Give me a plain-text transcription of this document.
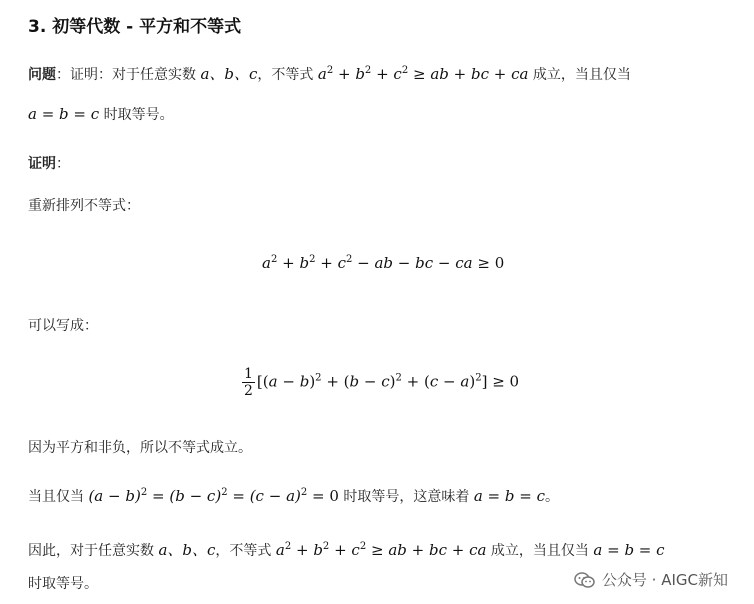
3. 初等代数 - 平方和不等式
问题：证明：对于任意实数 a、b、c，不等式 $a^2 + b^2 + c^2$ ≥ ab + bc + ca 成立，当且仅当
a = b = c 时取等号。
证明：
重新排列不等式：
$a^2 + b^2 + c^2$ − ab − bc − ca ≥ 0
可以写成：
$\frac{1}{2} [(a - b)^2 + (b - c)^2 + (c - a)^2] \ge 0$
因为平方和非负，所以不等式成立。
当且仅当 $(a - b)^2 = (b - c)^2 = (c - a)^2 = 0$ 时取等号，这意味着 a = b = c。
因此，对于任意实数 a、b、c，不等式 $a^2 + b^2 + c^2$ ≥ ab + bc + ca 成立，当且仅当 a = b = c
时取等号。	公众号 · AIGC新知
